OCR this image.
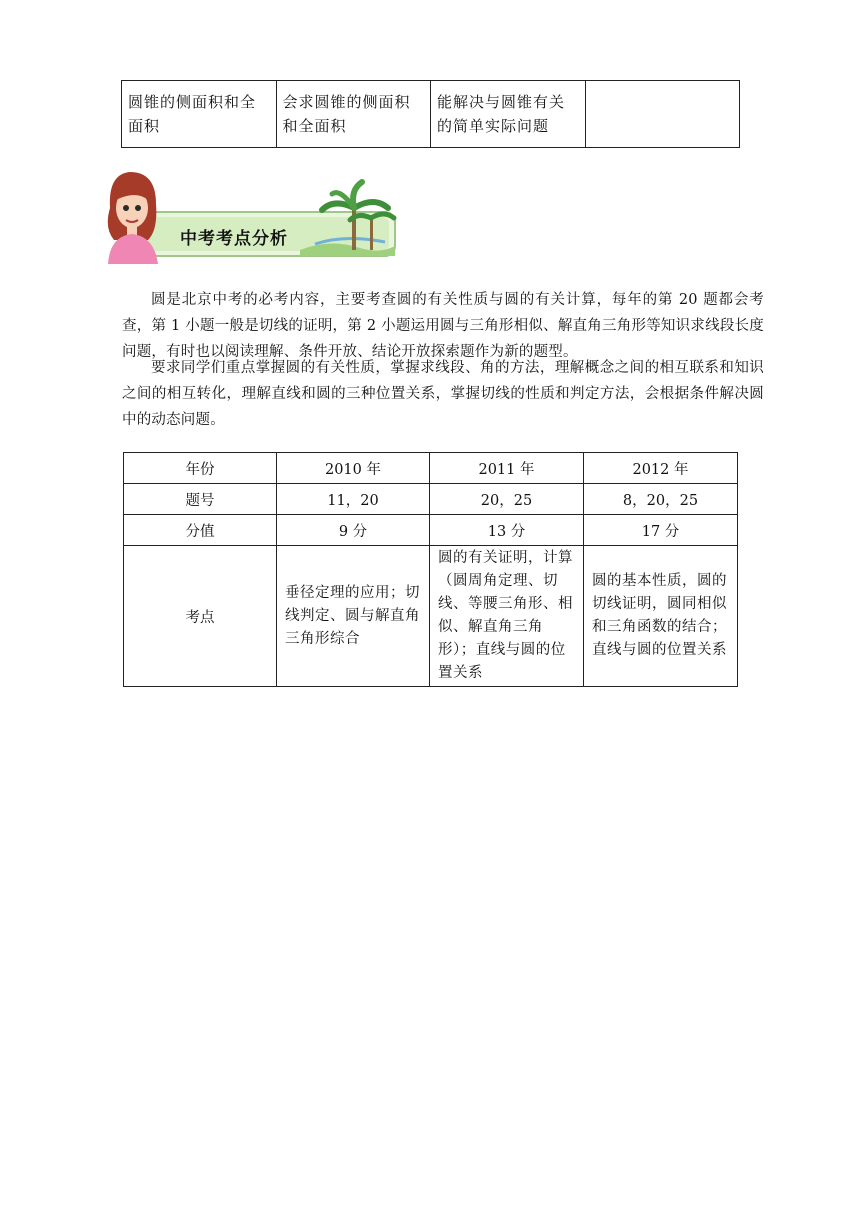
圆锥的侧面积和全面积	会求圆锥的侧面积和全面积	能解决与圆锥有关的简单实际问题	
中考考点分析

圆是北京中考的必考内容，主要考查圆的有关性质与圆的有关计算，每年的第 20 题都会考查，第 1 小题一般是切线的证明，第 2 小题运用圆与三角形相似、解直角三角形等知识求线段长度问题，有时也以阅读理解、条件开放、结论开放探索题作为新的题型。

要求同学们重点掌握圆的有关性质，掌握求线段、角的方法，理解概念之间的相互联系和知识之间的相互转化，理解直线和圆的三种位置关系，掌握切线的性质和判定方法，会根据条件解决圆中的动态问题。

年份	2010 年	2011 年	2012 年
题号	11，20	20，25	8，20，25
分值	9 分	13 分	17 分
考点	垂径定理的应用；切线判定、圆与解直角三角形综合	圆的有关证明，计算（圆周角定理、切线、等腰三角形、相似、解直角三角形）；直线与圆的位置关系	圆的基本性质，圆的切线证明，圆同相似和三角函数的结合；直线与圆的位置关系
